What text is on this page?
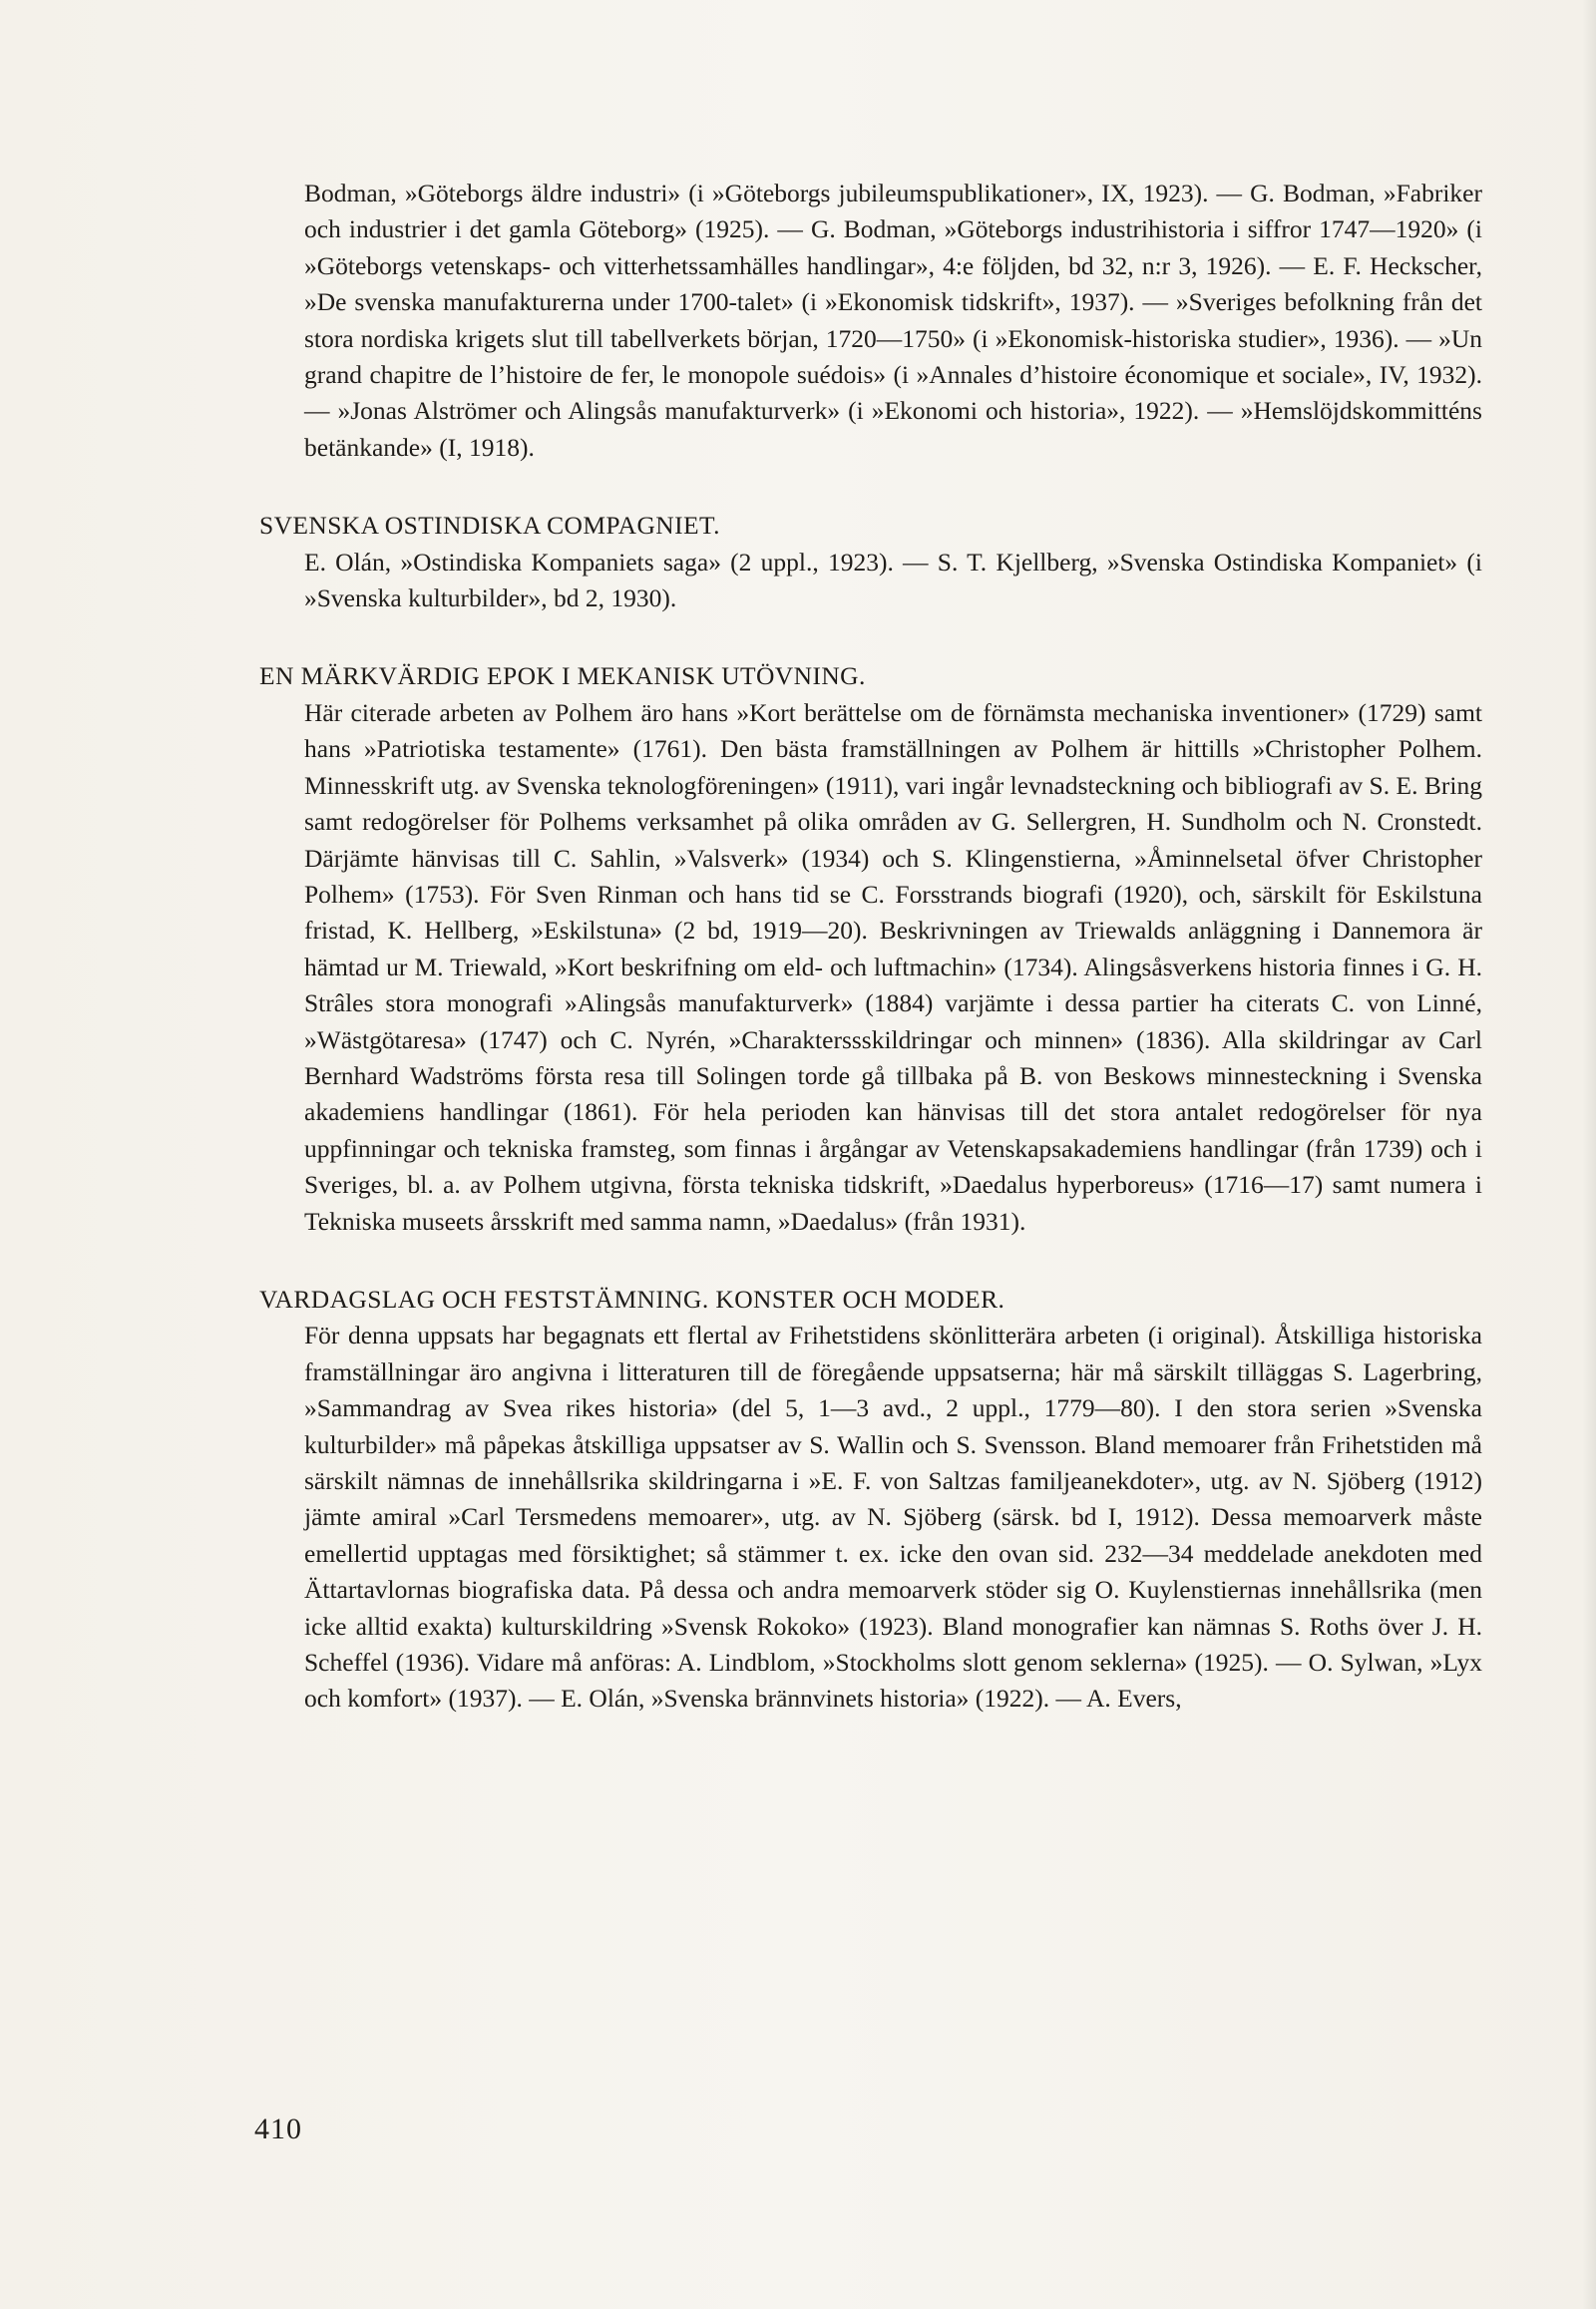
Bodman, »Göteborgs äldre industri» (i »Göteborgs jubileumspublikationer», IX, 1923). — G. Bodman, »Fabriker och industrier i det gamla Göteborg» (1925). — G. Bodman, »Göteborgs industrihistoria i siffror 1747—1920» (i »Göteborgs vetenskaps- och vitterhetssamhälles handlingar», 4:e följden, bd 32, n:r 3, 1926). — E. F. Heckscher, »De svenska manufakturerna under 1700-talet» (i »Ekonomisk tidskrift», 1937). — »Sveriges befolkning från det stora nordiska krigets slut till tabellverkets början, 1720—1750» (i »Ekonomisk-historiska studier», 1936). — »Un grand chapitre de l’histoire de fer, le monopole suédois» (i »Annales d’histoire économique et sociale», IV, 1932). — »Jonas Alströmer och Alingsås manufakturverk» (i »Ekonomi och historia», 1922). — »Hemslöjdskommitténs betänkande» (I, 1918).

SVENSKA OSTINDISKA COMPAGNIET.

E. Olán, »Ostindiska Kompaniets saga» (2 uppl., 1923). — S. T. Kjellberg, »Svenska Ostindiska Kompaniet» (i »Svenska kulturbilder», bd 2, 1930).

EN MÄRKVÄRDIG EPOK I MEKANISK UTÖVNING.

Här citerade arbeten av Polhem äro hans »Kort berättelse om de förnämsta mechaniska inventioner» (1729) samt hans »Patriotiska testamente» (1761). Den bästa framställningen av Polhem är hittills »Christopher Polhem. Minnesskrift utg. av Svenska teknologföreningen» (1911), vari ingår levnadsteckning och bibliografi av S. E. Bring samt redogörelser för Polhems verksamhet på olika områden av G. Sellergren, H. Sundholm och N. Cronstedt. Därjämte hänvisas till C. Sahlin, »Valsverk» (1934) och S. Klingenstierna, »Åminnelsetal öfver Christopher Polhem» (1753). För Sven Rinman och hans tid se C. Forsstrands biografi (1920), och, särskilt för Eskilstuna fristad, K. Hellberg, »Eskilstuna» (2 bd, 1919—20). Beskrivningen av Triewalds anläggning i Dannemora är hämtad ur M. Triewald, »Kort beskrifning om eld- och luftmachin» (1734). Alingsåsverkens historia finnes i G. H. Strâles stora monografi »Alingsås manufakturverk» (1884) varjämte i dessa partier ha citerats C. von Linné, »Wästgötaresa» (1747) och C. Nyrén, »Charakterssskildringar och minnen» (1836). Alla skildringar av Carl Bernhard Wadströms första resa till Solingen torde gå tillbaka på B. von Beskows minnesteckning i Svenska akademiens handlingar (1861). För hela perioden kan hänvisas till det stora antalet redogörelser för nya uppfinningar och tekniska framsteg, som finnas i årgångar av Vetenskapsakademiens handlingar (från 1739) och i Sveriges, bl. a. av Polhem utgivna, första tekniska tidskrift, »Daedalus hyperboreus» (1716—17) samt numera i Tekniska museets årsskrift med samma namn, »Daedalus» (från 1931).

VARDAGSLAG OCH FESTSTÄMNING. KONSTER OCH MODER.

För denna uppsats har begagnats ett flertal av Frihetstidens skönlitterära arbeten (i original). Åtskilliga historiska framställningar äro angivna i litteraturen till de föregående uppsatserna; här må särskilt tilläggas S. Lagerbring, »Sammandrag av Svea rikes historia» (del 5, 1—3 avd., 2 uppl., 1779—80). I den stora serien »Svenska kulturbilder» må påpekas åtskilliga uppsatser av S. Wallin och S. Svensson. Bland memoarer från Frihetstiden må särskilt nämnas de innehållsrika skildringarna i »E. F. von Saltzas familjeanekdoter», utg. av N. Sjöberg (1912) jämte amiral »Carl Tersmedens memoarer», utg. av N. Sjöberg (särsk. bd I, 1912). Dessa memoarverk måste emellertid upptagas med försiktighet; så stämmer t. ex. icke den ovan sid. 232—34 meddelade anekdoten med Ättartavlornas biografiska data. På dessa och andra memoarverk stöder sig O. Kuylenstiernas innehållsrika (men icke alltid exakta) kulturskildring »Svensk Rokoko» (1923). Bland monografier kan nämnas S. Roths över J. H. Scheffel (1936). Vidare må anföras: A. Lindblom, »Stockholms slott genom seklerna» (1925). — O. Sylwan, »Lyx och komfort» (1937). — E. Olán, »Svenska brännvinets historia» (1922). — A. Evers,

410
